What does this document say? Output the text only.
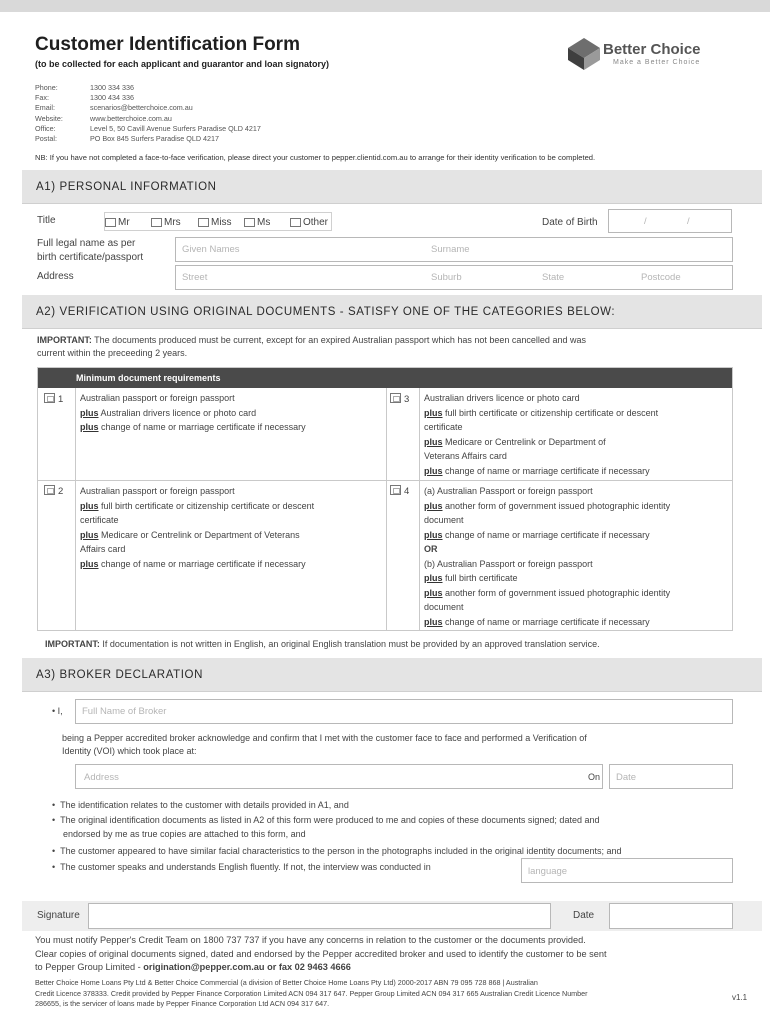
Customer Identification Form
(to be collected for each applicant and guarantor and loan signatory)
Better Choice
Make a Better Choice
Phone:	1300 334 336
Fax:	1300 434 336
Email:	scenarios@betterchoice.com.au
Website:	www.betterchoice.com.au
Office:	Level 5, 50 Cavill Avenue Surfers Paradise QLD 4217
Postal:	PO Box 845 Surfers Paradise QLD 4217
NB: If you have not completed a face-to-face verification, please direct your customer to pepper.clientid.com.au to arrange for their identity verification to be completed.
A1) PERSONAL INFORMATION
Title	Mr	Mrs	Miss	Ms	Other	Date of Birth	/	/
Full legal name as per
birth certificate/passport
Given Names	Surname
Address	Street	Suburb	State	Postcode
A2) VERIFICATION USING ORIGINAL DOCUMENTS - SATISFY ONE OF THE CATEGORIES BELOW:
IMPORTANT: The documents produced must be current, except for an expired Australian passport which has not been cancelled and was
current within the preceeding 2 years.
Minimum document requirements
1 Australian passport or foreign passport
plus Australian drivers licence or photo card
plus change of name or marriage certificate if necessary
3 Australian drivers licence or photo card
plus full birth certificate or citizenship certificate or descent
certificate
plus Medicare or Centrelink or Department of
Veterans Affairs card
plus change of name or marriage certificate if necessary
2 Australian passport or foreign passport
plus full birth certificate or citizenship certificate or descent
certificate
plus Medicare or Centrelink or Department of Veterans
Affairs card
plus change of name or marriage certificate if necessary
4 (a) Australian Passport or foreign passport
plus another form of government issued photographic identity
document
plus change of name or marriage certificate if necessary
OR
(b) Australian Passport or foreign passport
plus full birth certificate
plus another form of government issued photographic identity
document
plus change of name or marriage certificate if necessary
IMPORTANT: If documentation is not written in English, an original English translation must be provided by an approved translation service.
A3) BROKER DECLARATION
• I, Full Name of Broker
being a Pepper accredited broker acknowledge and confirm that I met with the customer face to face and performed a Verification of
Identity (VOI) which took place at:
Address	On Date
•  The identification relates to the customer with details provided in A1, and
•  The original identification documents as listed in A2 of this form were produced to me and copies of these documents signed; dated and
endorsed by me as true copies are attached to this form, and
•  The customer appeared to have similar facial characteristics to the person in the photographs included in the original identity documents; and
•  The customer speaks and understands English fluently. If not, the interview was conducted in	language
Signature	Date
You must notify Pepper's Credit Team on 1800 737 737 if you have any concerns in relation to the customer or the documents provided.
Clear copies of original documents signed, dated and endorsed by the Pepper accredited broker and used to identify the customer to be sent
to Pepper Group Limited - origination@pepper.com.au or fax 02 9463 4666
Better Choice Home Loans Pty Ltd & Better Choice Commercial (a division of Better Choice Home Loans Pty Ltd) 2000-2017 ABN 79 095 728 868 | Australian
Credit Licence 378333. Credit provided by Pepper Finance Corporation Limited ACN 094 317 647. Pepper Group Limited ACN 094 317 665 Australian Credit Licence Number
286655, is the servicer of loans made by Pepper Finance Corporation Ltd ACN 094 317 647.
v1.1
